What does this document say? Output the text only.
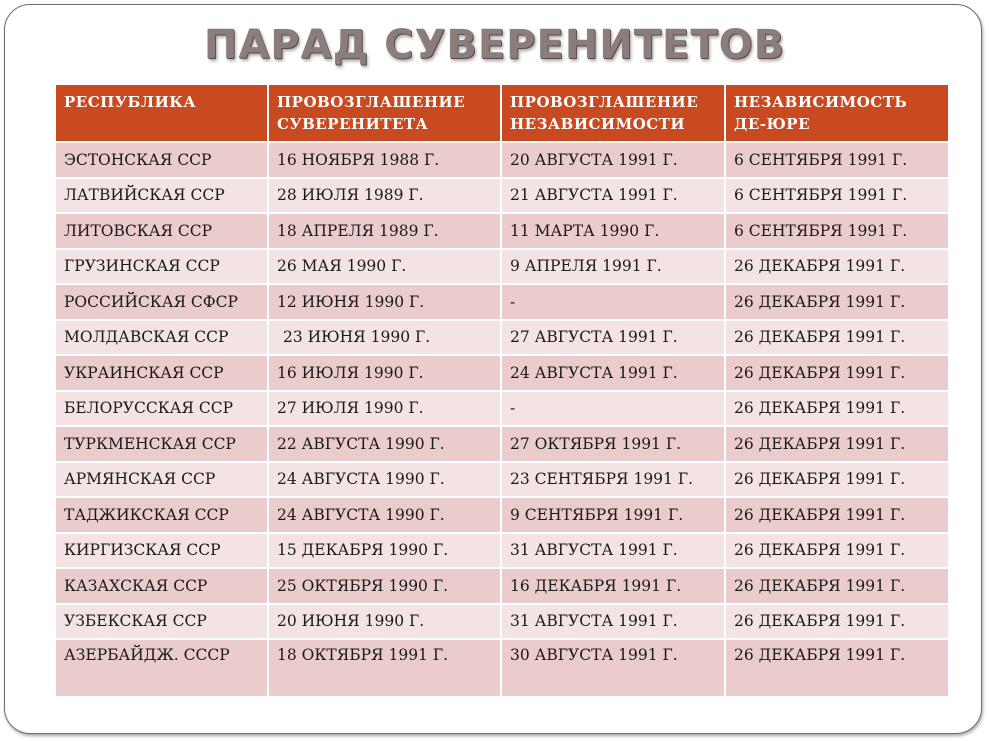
ПАРАД СУВЕРЕНИТЕТОВ
РЕСПУБЛИКА	ПРОВОЗГЛАШЕНИЕ СУВЕРЕНИТЕТА	ПРОВОЗГЛАШЕНИЕ НЕЗАВИСИМОСТИ	НЕЗАВИСИМОСТЬ ДЕ-ЮРЕ
ЭСТОНСКАЯ ССР	16 НОЯБРЯ 1988 Г.	20 АВГУСТА 1991 Г.	6 СЕНТЯБРЯ 1991 Г.
ЛАТВИЙСКАЯ ССР	28 ИЮЛЯ 1989 Г.	21 АВГУСТА 1991 Г.	6 СЕНТЯБРЯ 1991 Г.
ЛИТОВСКАЯ ССР	18 АПРЕЛЯ 1989 Г.	11 МАРТА 1990 Г.	6 СЕНТЯБРЯ 1991 Г.
ГРУЗИНСКАЯ ССР	26 МАЯ 1990 Г.	9 АПРЕЛЯ 1991 Г.	26 ДЕКАБРЯ 1991 Г.
РОССИЙСКАЯ СФСР	12 ИЮНЯ 1990 Г.	-	26 ДЕКАБРЯ 1991 Г.
МОЛДАВСКАЯ ССР	23 ИЮНЯ 1990 Г.	27 АВГУСТА 1991 Г.	26 ДЕКАБРЯ 1991 Г.
УКРАИНСКАЯ ССР	16 ИЮЛЯ 1990 Г.	24 АВГУСТА 1991 Г.	26 ДЕКАБРЯ 1991 Г.
БЕЛОРУССКАЯ ССР	27 ИЮЛЯ 1990 Г.	-	26 ДЕКАБРЯ 1991 Г.
ТУРКМЕНСКАЯ ССР	22 АВГУСТА 1990 Г.	27 ОКТЯБРЯ 1991 Г.	26 ДЕКАБРЯ 1991 Г.
АРМЯНСКАЯ ССР	24 АВГУСТА 1990 Г.	23 СЕНТЯБРЯ 1991 Г.	26 ДЕКАБРЯ 1991 Г.
ТАДЖИКСКАЯ ССР	24 АВГУСТА 1990 Г.	9 СЕНТЯБРЯ 1991 Г.	26 ДЕКАБРЯ 1991 Г.
КИРГИЗСКАЯ ССР	15 ДЕКАБРЯ 1990 Г.	31 АВГУСТА 1991 Г.	26 ДЕКАБРЯ 1991 Г.
КАЗАХСКАЯ ССР	25 ОКТЯБРЯ 1990 Г.	16 ДЕКАБРЯ 1991 Г.	26 ДЕКАБРЯ 1991 Г.
УЗБЕКСКАЯ ССР	20 ИЮНЯ 1990 Г.	31 АВГУСТА 1991 Г.	26 ДЕКАБРЯ 1991 Г.
АЗЕРБАЙДЖ. СССР	18 ОКТЯБРЯ 1991 Г.	30 АВГУСТА 1991 Г.	26 ДЕКАБРЯ 1991 Г.
